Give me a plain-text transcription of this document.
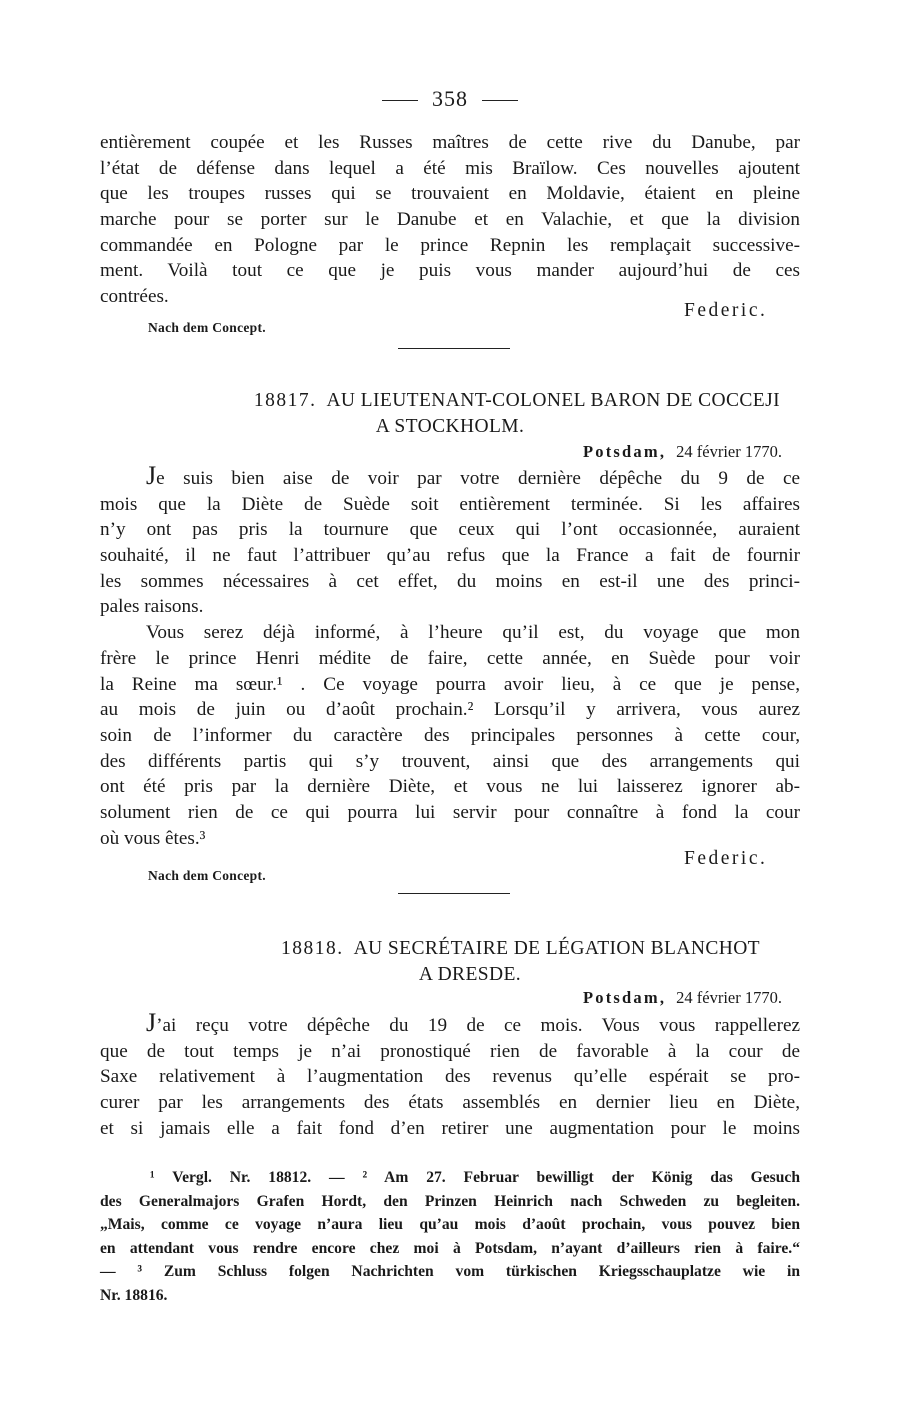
358
entièrement coupée et les Russes maîtres de cette rive du Danube, par
l’état de défense dans lequel a été mis Braïlow. Ces nouvelles ajoutent
que les troupes russes qui se trouvaient en Moldavie, étaient en pleine
marche pour se porter sur le Danube et en Valachie, et que la division
commandée en Pologne par le prince Repnin les remplaçait successive-
ment. Voilà tout ce que je puis vous mander aujourd’hui de ces
contrées.
Federic.
Nach dem Concept.
18817. AU LIEUTENANT-COLONEL BARON DE COCCEJI
A STOCKHOLM.
Potsdam, 24 février 1770.
Je suis bien aise de voir par votre dernière dépêche du 9 de ce
mois que la Diète de Suède soit entièrement terminée. Si les affaires
n’y ont pas pris la tournure que ceux qui l’ont occasionnée, auraient
souhaité, il ne faut l’attribuer qu’au refus que la France a fait de fournir
les sommes nécessaires à cet effet, du moins en est-il une des princi-
pales raisons.
Vous serez déjà informé, à l’heure qu’il est, du voyage que mon
frère le prince Henri médite de faire, cette année, en Suède pour voir
la Reine ma sœur.¹ . Ce voyage pourra avoir lieu, à ce que je pense,
au mois de juin ou d’août prochain.² Lorsqu’il y arrivera, vous aurez
soin de l’informer du caractère des principales personnes à cette cour,
des différents partis qui s’y trouvent, ainsi que des arrangements qui
ont été pris par la dernière Diète, et vous ne lui laisserez ignorer ab-
solument rien de ce qui pourra lui servir pour connaître à fond la cour
où vous êtes.³
Federic.
Nach dem Concept.
18818. AU SECRÉTAIRE DE LÉGATION BLANCHOT
A DRESDE.
Potsdam, 24 février 1770.
J’ai reçu votre dépêche du 19 de ce mois. Vous vous rappellerez
que de tout temps je n’ai pronostiqué rien de favorable à la cour de
Saxe relativement à l’augmentation des revenus qu’elle espérait se pro-
curer par les arrangements des états assemblés en dernier lieu en Diète,
et si jamais elle a fait fond d’en retirer une augmentation pour le moins
¹ Vergl. Nr. 18812. — ² Am 27. Februar bewilligt der König das Gesuch
des Generalmajors Grafen Hordt, den Prinzen Heinrich nach Schweden zu begleiten.
„Mais, comme ce voyage n’aura lieu qu’au mois d’août prochain, vous pouvez bien
en attendant vous rendre encore chez moi à Potsdam, n’ayant d’ailleurs rien à faire.“
— ³ Zum Schluss folgen Nachrichten vom türkischen Kriegsschauplatze wie in
Nr. 18816.
